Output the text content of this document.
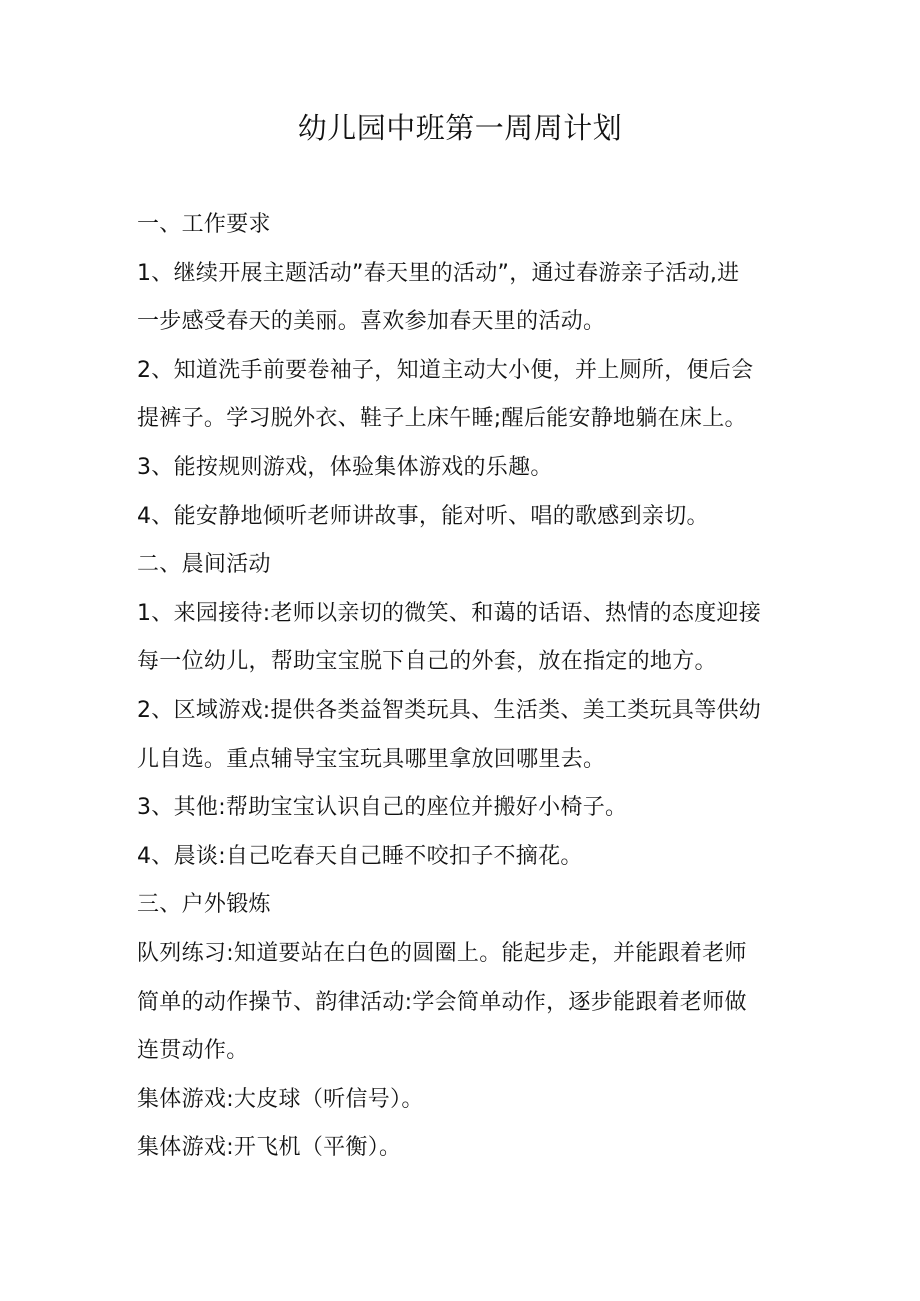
幼儿园中班第一周周计划
一、工作要求
1、继续开展主题活动”春天里的活动”，通过春游亲子活动,进
一步感受春天的美丽。喜欢参加春天里的活动。
2、知道洗手前要卷袖子，知道主动大小便，并上厕所，便后会
提裤子。学习脱外衣、鞋子上床午睡;醒后能安静地躺在床上。
3、能按规则游戏，体验集体游戏的乐趣。
4、能安静地倾听老师讲故事，能对听、唱的歌感到亲切。
二、晨间活动
1、来园接待:老师以亲切的微笑、和蔼的话语、热情的态度迎接
每一位幼儿，帮助宝宝脱下自己的外套，放在指定的地方。
2、区域游戏:提供各类益智类玩具、生活类、美工类玩具等供幼
儿自选。重点辅导宝宝玩具哪里拿放回哪里去。
3、其他:帮助宝宝认识自己的座位并搬好小椅子。
4、晨谈:自己吃春天自己睡不咬扣子不摘花。
三、户外锻炼
队列练习:知道要站在白色的圆圈上。能起步走，并能跟着老师
简单的动作操节、韵律活动:学会简单动作，逐步能跟着老师做
连贯动作。
集体游戏:大皮球（听信号）。
集体游戏:开飞机（平衡）。
